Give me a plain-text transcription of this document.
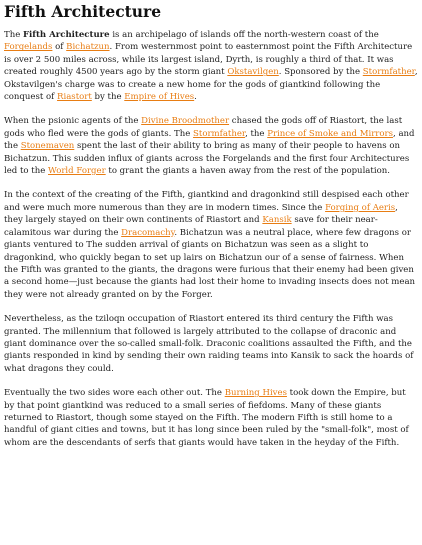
Fifth Architecture

The Fifth Architecture is an archipelago of islands off the north-western coast of the Forgelands of Bichatzun. From westernmost point to easternmost point the Fifth Architecture is over 2 500 miles across, while its largest island, Dyrth, is roughly a third of that. It was created roughly 4500 years ago by the storm giant Okstavilgen. Sponsored by the Stormfather, Okstavilgen's charge was to create a new home for the gods of giantkind following the conquest of Riastort by the Empire of Hives.

When the psionic agents of the Divine Broodmother chased the gods off of Riastort, the last gods who fled were the gods of giants. The Stormfather, the Prince of Smoke and Mirrors, and the Stonemaven spent the last of their ability to bring as many of their people to havens on Bichatzun. This sudden influx of giants across the Forgelands and the first four Architectures led to the World Forger to grant the giants a haven away from the rest of the population.

In the context of the creating of the Fifth, giantkind and dragonkind still despised each other and were much more numerous than they are in modern times. Since the Forging of Aeris, they largely stayed on their own continents of Riastort and Kansik save for their near-calamitous war during the Dracomachy. Bichatzun was a neutral place, where few dragons or giants ventured to The sudden arrival of giants on Bichatzun was seen as a slight to dragonkind, who quickly began to set up lairs on Bichatzun our of a sense of fairness. When the Fifth was granted to the giants, the dragons were furious that their enemy had been given a second home—just because the giants had lost their home to invading insects does not mean they were not already granted on by the Forger.

Nevertheless, as the tziloqn occupation of Riastort entered its third century the Fifth was granted. The millennium that followed is largely attributed to the collapse of draconic and giant dominance over the so-called small-folk. Draconic coalitions assaulted the Fifth, and the giants responded in kind by sending their own raiding teams into Kansik to sack the hoards of what dragons they could.

Eventually the two sides wore each other out. The Burning Hives took down the Empire, but by that point giantkind was reduced to a small series of fiefdoms. Many of these giants returned to Riastort, though some stayed on the Fifth. The modern Fifth is still home to a handful of giant cities and towns, but it has long since been ruled by the "small-folk", most of whom are the descendants of serfs that giants would have taken in the heyday of the Fifth.
